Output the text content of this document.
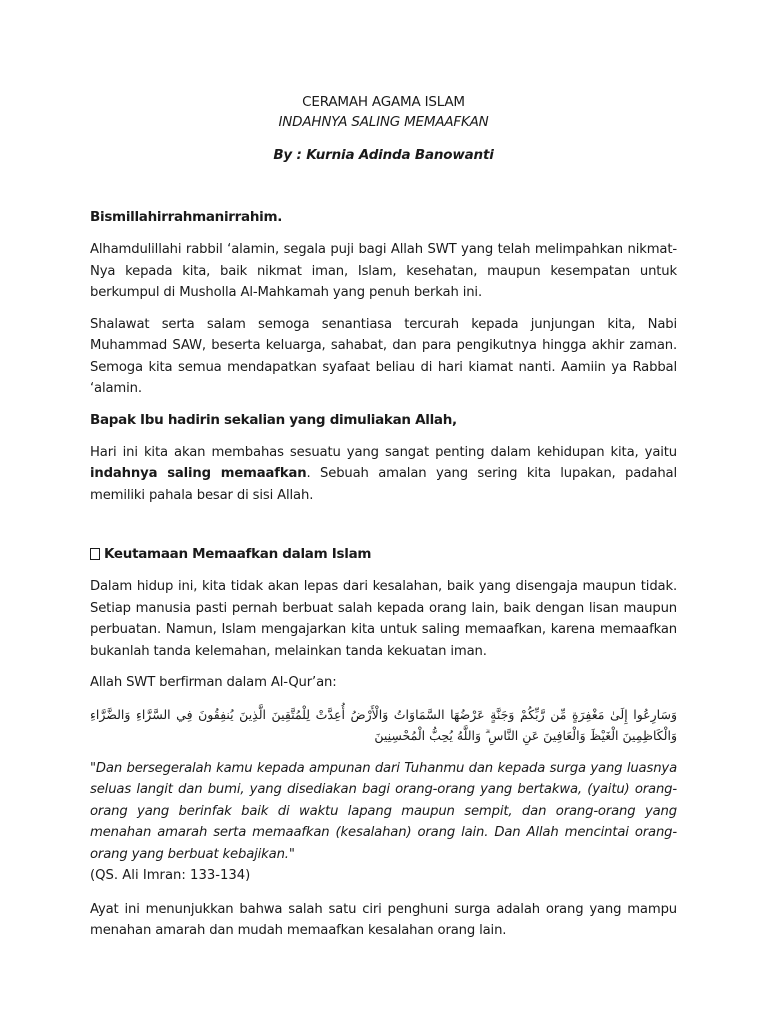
CERAMAH AGAMA ISLAM
INDAHNYA SALING MEMAAFKAN
By : Kurnia Adinda Banowanti
Bismillahirrahmanirrahim.

Alhamdulillahi rabbil ‘alamin, segala puji bagi Allah SWT yang telah melimpahkan nikmat-Nya kepada kita, baik nikmat iman, Islam, kesehatan, maupun kesempatan untuk berkumpul di Musholla Al-Mahkamah yang penuh berkah ini.

Shalawat serta salam semoga senantiasa tercurah kepada junjungan kita, Nabi Muhammad SAW, beserta keluarga, sahabat, dan para pengikutnya hingga akhir zaman. Semoga kita semua mendapatkan syafaat beliau di hari kiamat nanti. Aamiin ya Rabbal ‘alamin.

Bapak Ibu hadirin sekalian yang dimuliakan Allah,

Hari ini kita akan membahas sesuatu yang sangat penting dalam kehidupan kita, yaitu indahnya saling memaafkan. Sebuah amalan yang sering kita lupakan, padahal memiliki pahala besar di sisi Allah.

Keutamaan Memaafkan dalam Islam

Dalam hidup ini, kita tidak akan lepas dari kesalahan, baik yang disengaja maupun tidak. Setiap manusia pasti pernah berbuat salah kepada orang lain, baik dengan lisan maupun perbuatan. Namun, Islam mengajarkan kita untuk saling memaafkan, karena memaafkan bukanlah tanda kelemahan, melainkan tanda kekuatan iman.

Allah SWT berfirman dalam Al-Qur’an:

وَسَارِعُوا إِلَىٰ مَغْفِرَةٍ مِّن رَّبِّكُمْ وَجَنَّةٍ عَرْضُهَا السَّمَاوَاتُ وَالْأَرْضُ أُعِدَّتْ لِلْمُتَّقِينَ الَّذِينَ يُنفِقُونَ فِي السَّرَّاءِ وَالضَّرَّاءِ وَالْكَاظِمِينَ الْغَيْظَ وَالْعَافِينَ عَنِ النَّاسِ ۗ وَاللَّهُ يُحِبُّ الْمُحْسِنِينَ

"Dan bersegeralah kamu kepada ampunan dari Tuhanmu dan kepada surga yang luasnya seluas langit dan bumi, yang disediakan bagi orang-orang yang bertakwa, (yaitu) orang-orang yang berinfak baik di waktu lapang maupun sempit, dan orang-orang yang menahan amarah serta memaafkan (kesalahan) orang lain. Dan Allah mencintai orang-orang yang berbuat kebajikan."

(QS. Ali Imran: 133-134)

Ayat ini menunjukkan bahwa salah satu ciri penghuni surga adalah orang yang mampu menahan amarah dan mudah memaafkan kesalahan orang lain.
